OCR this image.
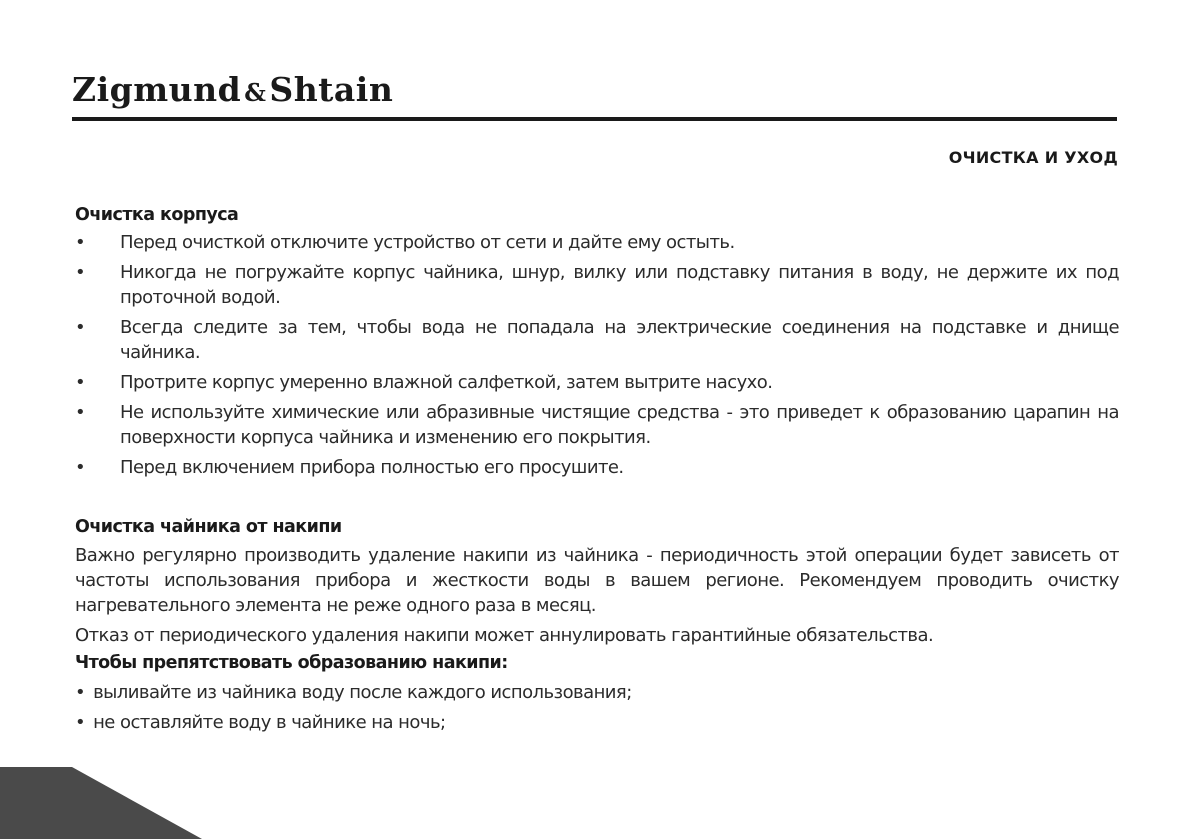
Zigmund &Shtain
ОЧИСТКА И УХОД

Очистка корпуса

• Перед очисткой отключите устройство от сети и дайте ему остыть.
• Никогда не погружайте корпус чайника, шнур, вилку или подставку питания в воду, не держите их под проточной водой.
• Всегда следите за тем, чтобы вода не попадала на электрические соединения на подставке и днище чайника.
• Протрите корпус умеренно влажной салфеткой, затем вытрите насухо.
• Не используйте химические или абразивные чистящие средства - это приведет к образованию царапин на поверхности корпуса чайника и изменению его покрытия.
• Перед включением прибора полностью его просушите.

Очистка чайника от накипи

Важно регулярно производить удаление накипи из чайника - периодичность этой операции будет зависеть от частоты использования прибора и жесткости воды в вашем регионе. Рекомендуем проводить очистку нагревательного элемента не реже одного раза в месяц.

Отказ от периодического удаления накипи может аннулировать гарантийные обязательства.

Чтобы препятствовать образованию накипи:

• выливайте из чайника воду после каждого использования;
• не оставляйте воду в чайнике на ночь;
